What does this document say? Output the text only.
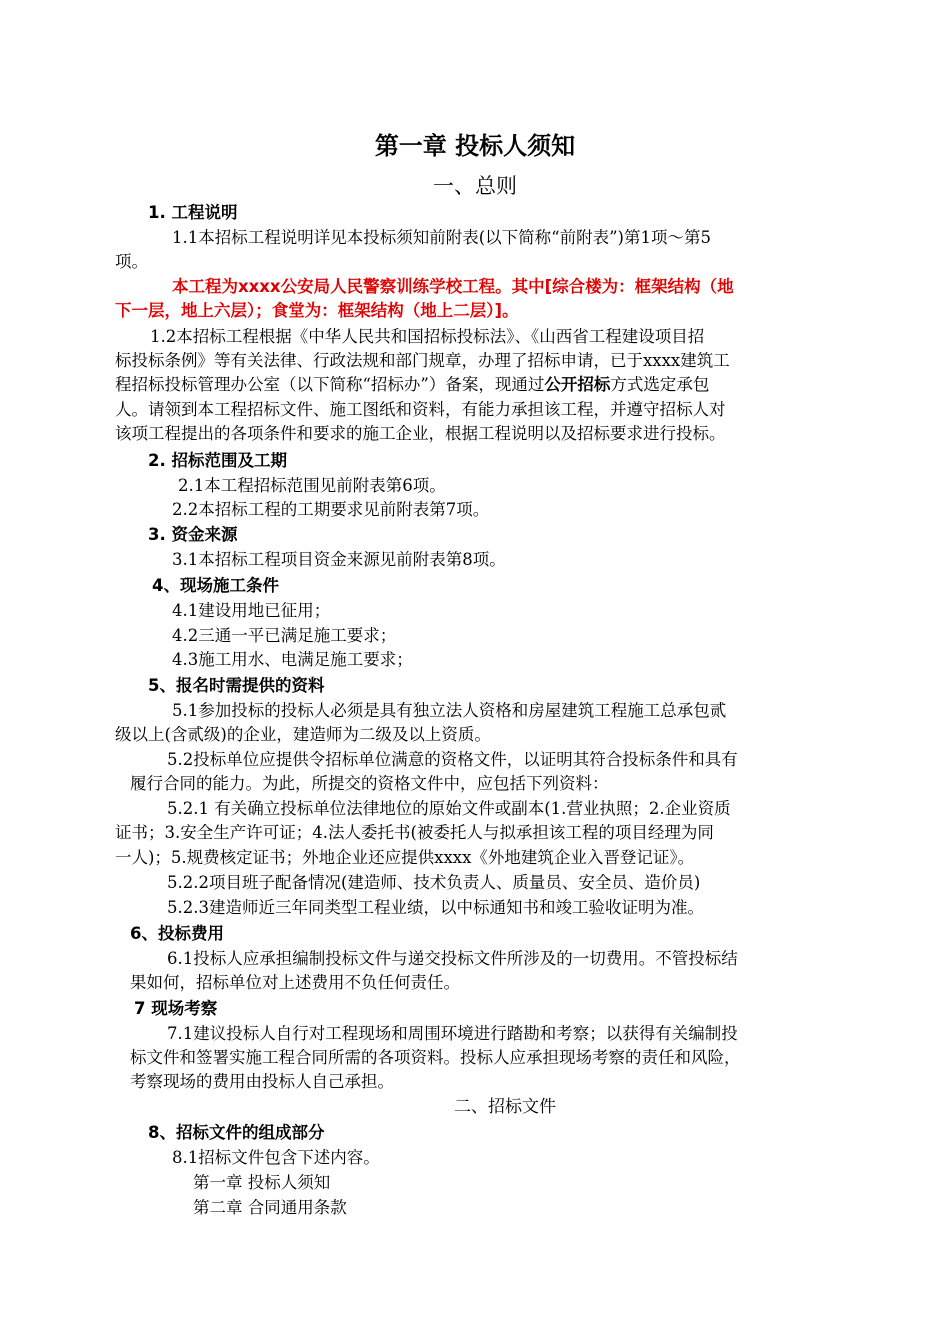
第一章 投标人须知
一、总则
1. 工程说明
1.1本招标工程说明详见本投标须知前附表(以下简称“前附表”)第1项～第5
项。
本工程为xxxx公安局人民警察训练学校工程。其中[综合楼为：框架结构（地
下一层，地上六层）；食堂为：框架结构（地上二层）]。
1.2本招标工程根据《中华人民共和国招标投标法》、《山西省工程建设项目招
标投标条例》等有关法律、行政法规和部门规章，办理了招标申请，已于xxxx建筑工
程招标投标管理办公室（以下简称“招标办”）备案，现通过公开招标方式选定承包
人。请领到本工程招标文件、施工图纸和资料，有能力承担该工程，并遵守招标人对
该项工程提出的各项条件和要求的施工企业，根据工程说明以及招标要求进行投标。
2. 招标范围及工期
2.1本工程招标范围见前附表第6项。
2.2本招标工程的工期要求见前附表第7项。
3. 资金来源
3.1本招标工程项目资金来源见前附表第8项。
4、现场施工条件
4.1建设用地已征用；
4.2三通一平已满足施工要求；
4.3施工用水、电满足施工要求；
5、报名时需提供的资料
5.1参加投标的投标人必须是具有独立法人资格和房屋建筑工程施工总承包贰
级以上(含贰级)的企业，建造师为二级及以上资质。
5.2投标单位应提供令招标单位满意的资格文件，以证明其符合投标条件和具有
履行合同的能力。为此，所提交的资格文件中，应包括下列资料：
5.2.1 有关确立投标单位法律地位的原始文件或副本(1.营业执照；2.企业资质
证书；3.安全生产许可证；4.法人委托书(被委托人与拟承担该工程的项目经理为同
一人)；5.规费核定证书；外地企业还应提供xxxx《外地建筑企业入晋登记证》。
5.2.2项目班子配备情况(建造师、技术负责人、质量员、安全员、造价员)
5.2.3建造师近三年同类型工程业绩，以中标通知书和竣工验收证明为准。
6、投标费用
6.1投标人应承担编制投标文件与递交投标文件所涉及的一切费用。不管投标结
果如何，招标单位对上述费用不负任何责任。
7 现场考察
7.1建议投标人自行对工程现场和周围环境进行踏勘和考察；以获得有关编制投
标文件和签署实施工程合同所需的各项资料。投标人应承担现场考察的责任和风险，
考察现场的费用由投标人自己承担。
二、招标文件
8、招标文件的组成部分
8.1招标文件包含下述内容。
第一章 投标人须知
第二章 合同通用条款
